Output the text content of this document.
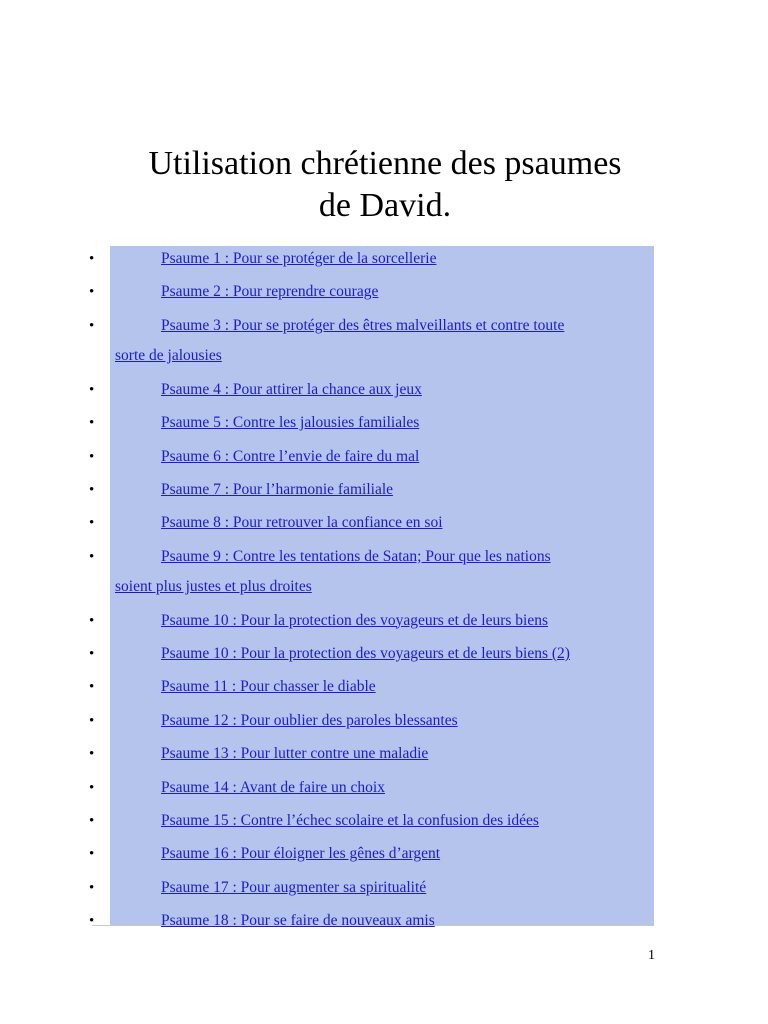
Utilisation chrétienne des psaumes
de David.
•	Psaume 1 : Pour se protéger de la sorcellerie
•	Psaume 2 : Pour reprendre courage
•	Psaume 3 : Pour se protéger des êtres malveillants et contre toute
sorte de jalousies
•	Psaume 4 : Pour attirer la chance aux jeux
•	Psaume 5 : Contre les jalousies familiales
•	Psaume 6 : Contre l’envie de faire du mal
•	Psaume 7 : Pour l’harmonie familiale
•	Psaume 8 : Pour retrouver la confiance en soi
•	Psaume 9 : Contre les tentations de Satan; Pour que les nations
soient plus justes et plus droites
•	Psaume 10 : Pour la protection des voyageurs et de leurs biens
•	Psaume 10 : Pour la protection des voyageurs et de leurs biens (2)
•	Psaume 11 : Pour chasser le diable
•	Psaume 12 : Pour oublier des paroles blessantes
•	Psaume 13 : Pour lutter contre une maladie
•	Psaume 14 : Avant de faire un choix
•	Psaume 15 : Contre l’échec scolaire et la confusion des idées
•	Psaume 16 : Pour éloigner les gênes d’argent
•	Psaume 17 : Pour augmenter sa spiritualité
•	Psaume 18 : Pour se faire de nouveaux amis
1
